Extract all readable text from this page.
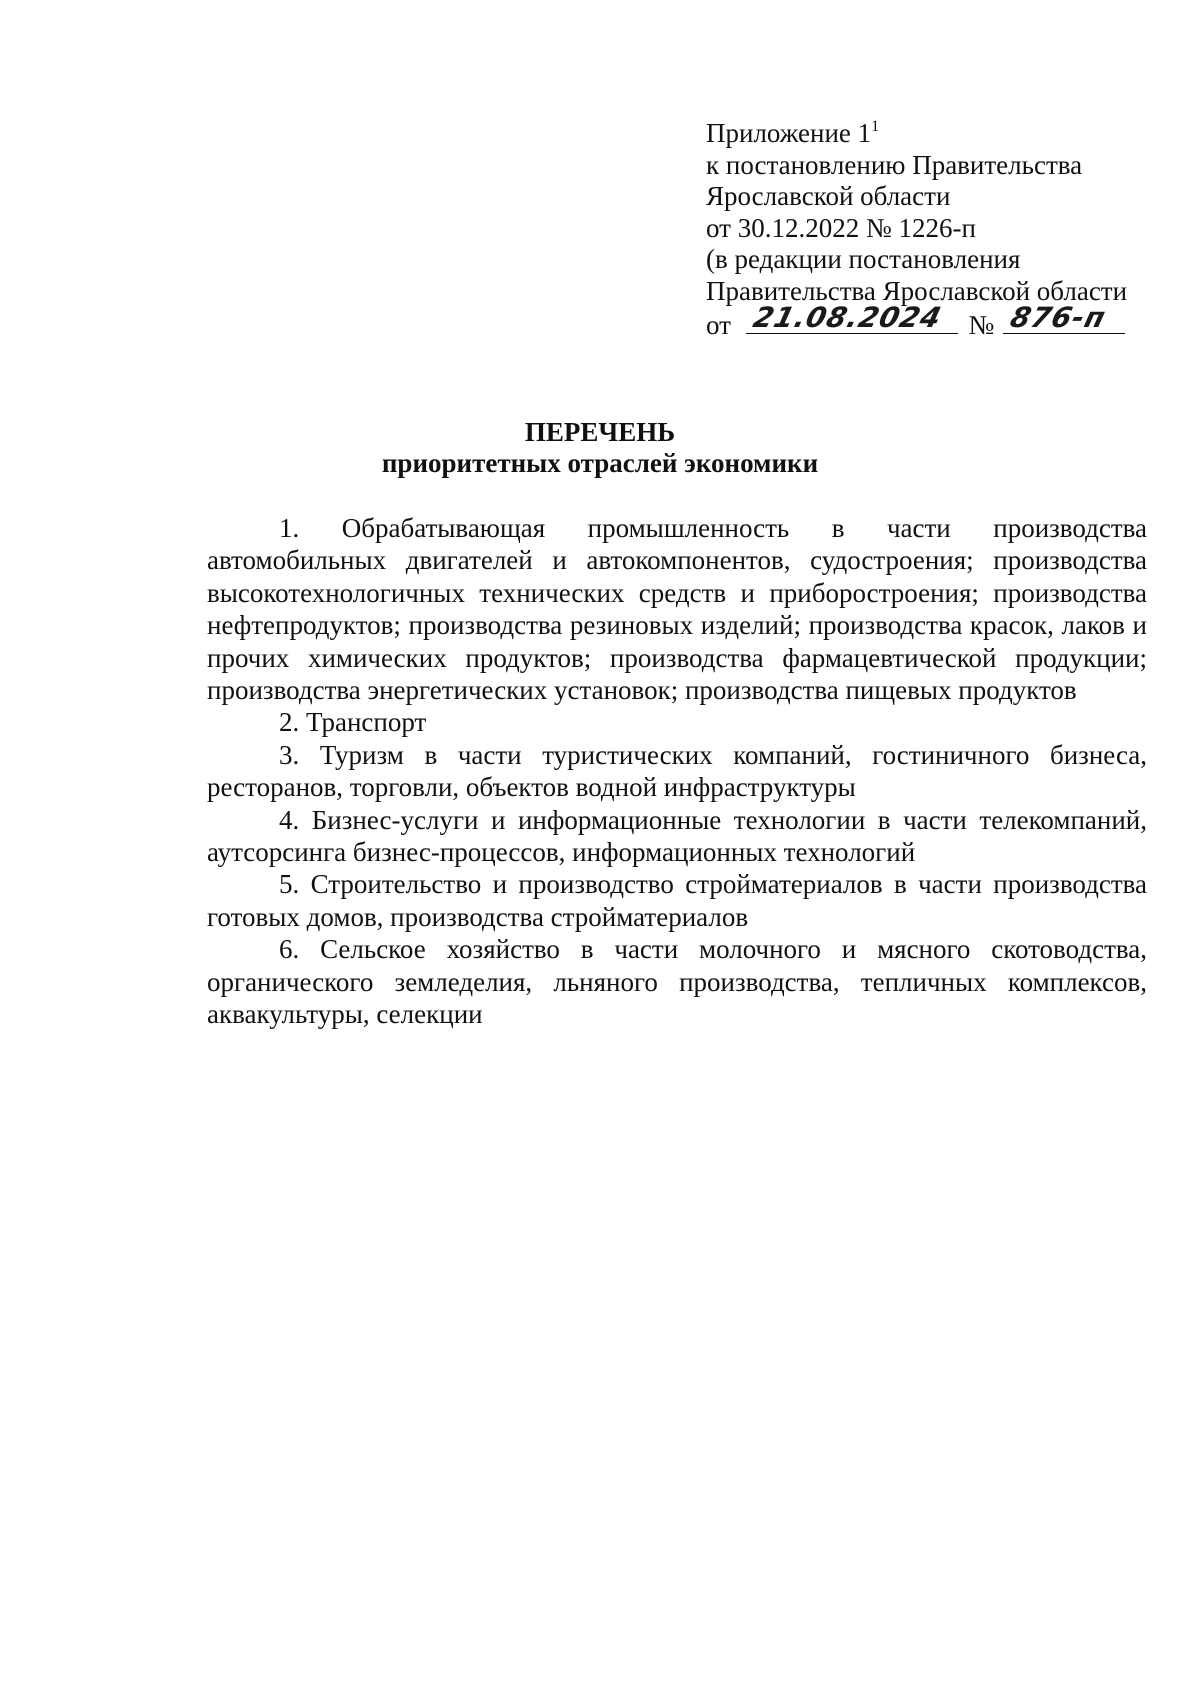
Приложение $1^1$
к постановлению Правительства
Ярославской области
от 30.12.2022 № 1226-п
(в редакции постановления
Правительства Ярославской области
от 21.08.2024 № 876-п
ПЕРЕЧЕНЬ
приоритетных отраслей экономики

1. Обрабатывающая промышленность в части производства автомобильных двигателей и автокомпонентов, судостроения; производства высокотехнологичных технических средств и приборостроения; производства нефтепродуктов; производства резиновых изделий; производства красок, лаков и прочих химических продуктов; производства фармацевтической продукции; производства энергетических установок; производства пищевых продуктов

2. Транспорт

3. Туризм в части туристических компаний, гостиничного бизнеса, ресторанов, торговли, объектов водной инфраструктуры

4. Бизнес-услуги и информационные технологии в части телекомпаний, аутсорсинга бизнес-процессов, информационных технологий

5. Строительство и производство стройматериалов в части производства готовых домов, производства стройматериалов

6. Сельское хозяйство в части молочного и мясного скотоводства, органического земледелия, льняного производства, тепличных комплексов, аквакультуры, селекции
